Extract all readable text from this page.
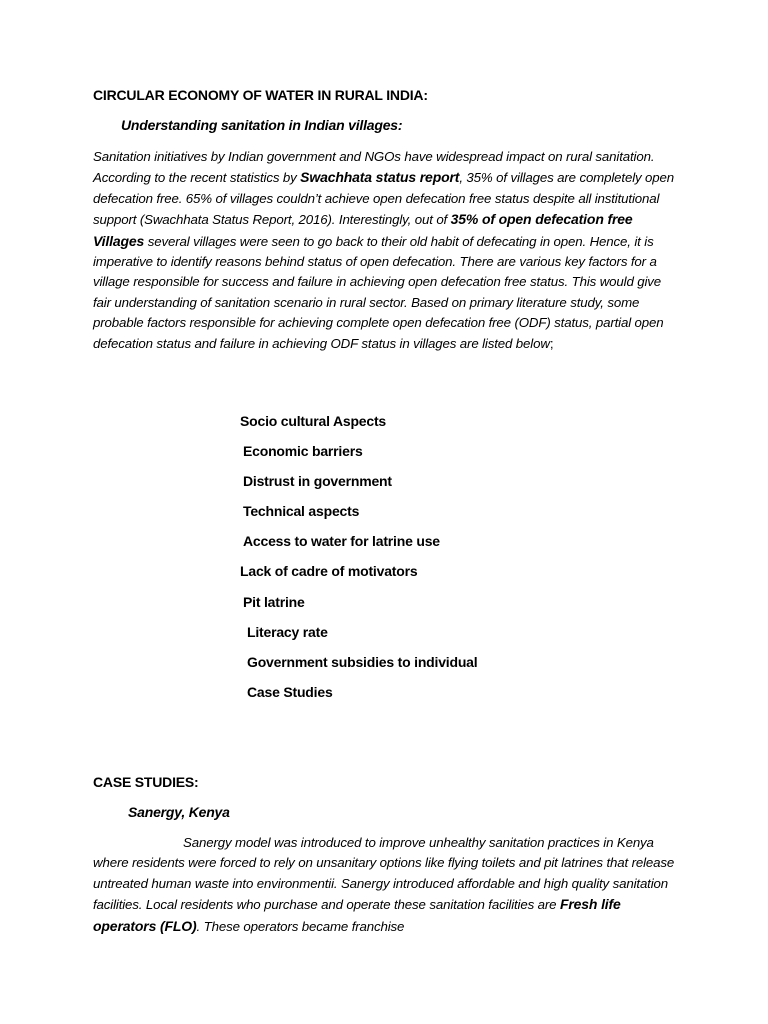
CIRCULAR ECONOMY OF WATER IN RURAL INDIA:
Understanding sanitation in Indian villages:

Sanitation initiatives by Indian government and NGOs have widespread impact on rural sanitation. According to the recent statistics by Swachhata status report, 35% of villages are completely open defecation free. 65% of villages couldn’t achieve open defecation free status despite all institutional support (Swachhata Status Report, 2016). Interestingly, out of 35% of open defecation free Villages several villages were seen to go back to their old habit of defecating in open. Hence, it is imperative to identify reasons behind status of open defecation. There are various key factors for a village responsible for success and failure in achieving open defecation free status. This would give fair understanding of sanitation scenario in rural sector. Based on primary literature study, some probable factors responsible for achieving complete open defecation free (ODF) status, partial open defecation status and failure in achieving ODF status in villages are listed below;

Socio cultural Aspects
Economic barriers
Distrust in government
Technical aspects
Access to water for latrine use
Lack of cadre of motivators
Pit latrine
Literacy rate
Government subsidies to individual
Case Studies
CASE STUDIES:
Sanergy, Kenya

Sanergy model was introduced to improve unhealthy sanitation practices in Kenya where residents were forced to rely on unsanitary options like flying toilets and pit latrines that release untreated human waste into environmentii. Sanergy introduced affordable and high quality sanitation facilities. Local residents who purchase and operate these sanitation facilities are Fresh life operators (FLO). These operators became franchise
